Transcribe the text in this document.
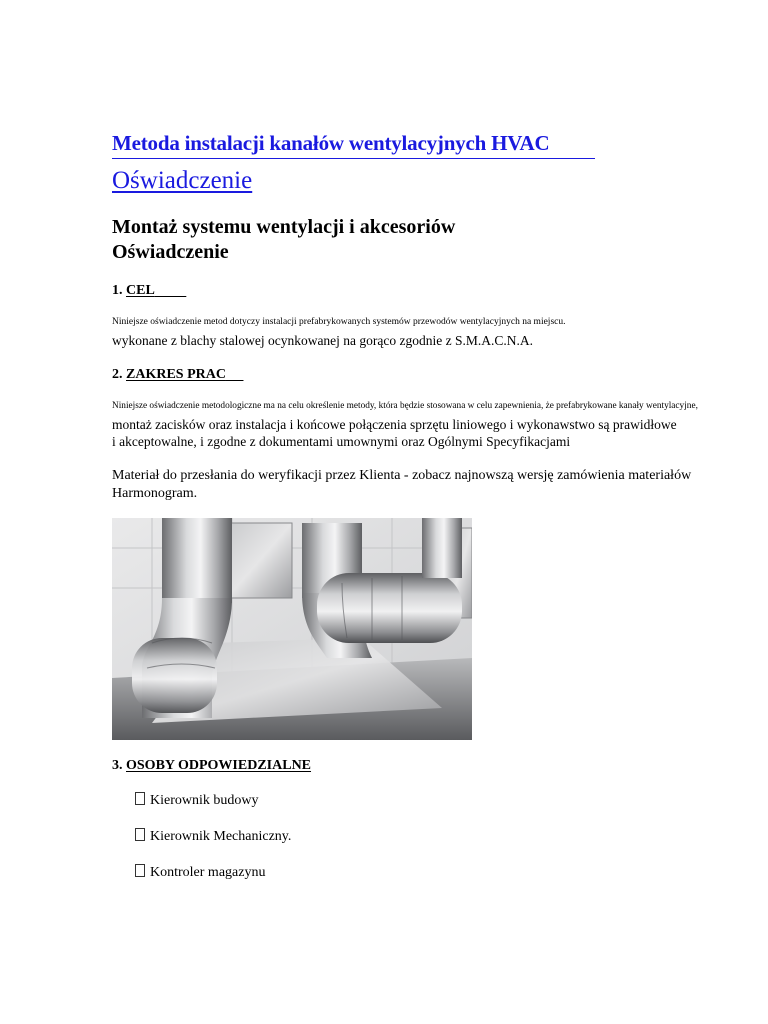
Metoda instalacji kanałów wentylacyjnych HVAC
Oświadczenie
Montaż systemu wentylacji i akcesoriów
Oświadczenie
1. CEL
Niniejsze oświadczenie metod dotyczy instalacji prefabrykowanych systemów przewodów wentylacyjnych na miejscu.
wykonane z blachy stalowej ocynkowanej na gorąco zgodnie z S.M.A.C.N.A.
2. ZAKRES PRAC
Niniejsze oświadczenie metodologiczne ma na celu określenie metody, która będzie stosowana w celu zapewnienia, że prefabrykowane kanały wentylacyjne,
montaż zacisków oraz instalacja i końcowe połączenia sprzętu liniowego i wykonawstwo są prawidłowe
i akceptowalne, i zgodne z dokumentami umownymi oraz Ogólnymi Specyfikacjami
Materiał do przesłania do weryfikacji przez Klienta - zobacz najnowszą wersję zamówienia materiałów
Harmonogram.
3. OSOBY ODPOWIEDZIALNE
Kierownik budowy
Kierownik Mechaniczny.
Kontroler magazynu
